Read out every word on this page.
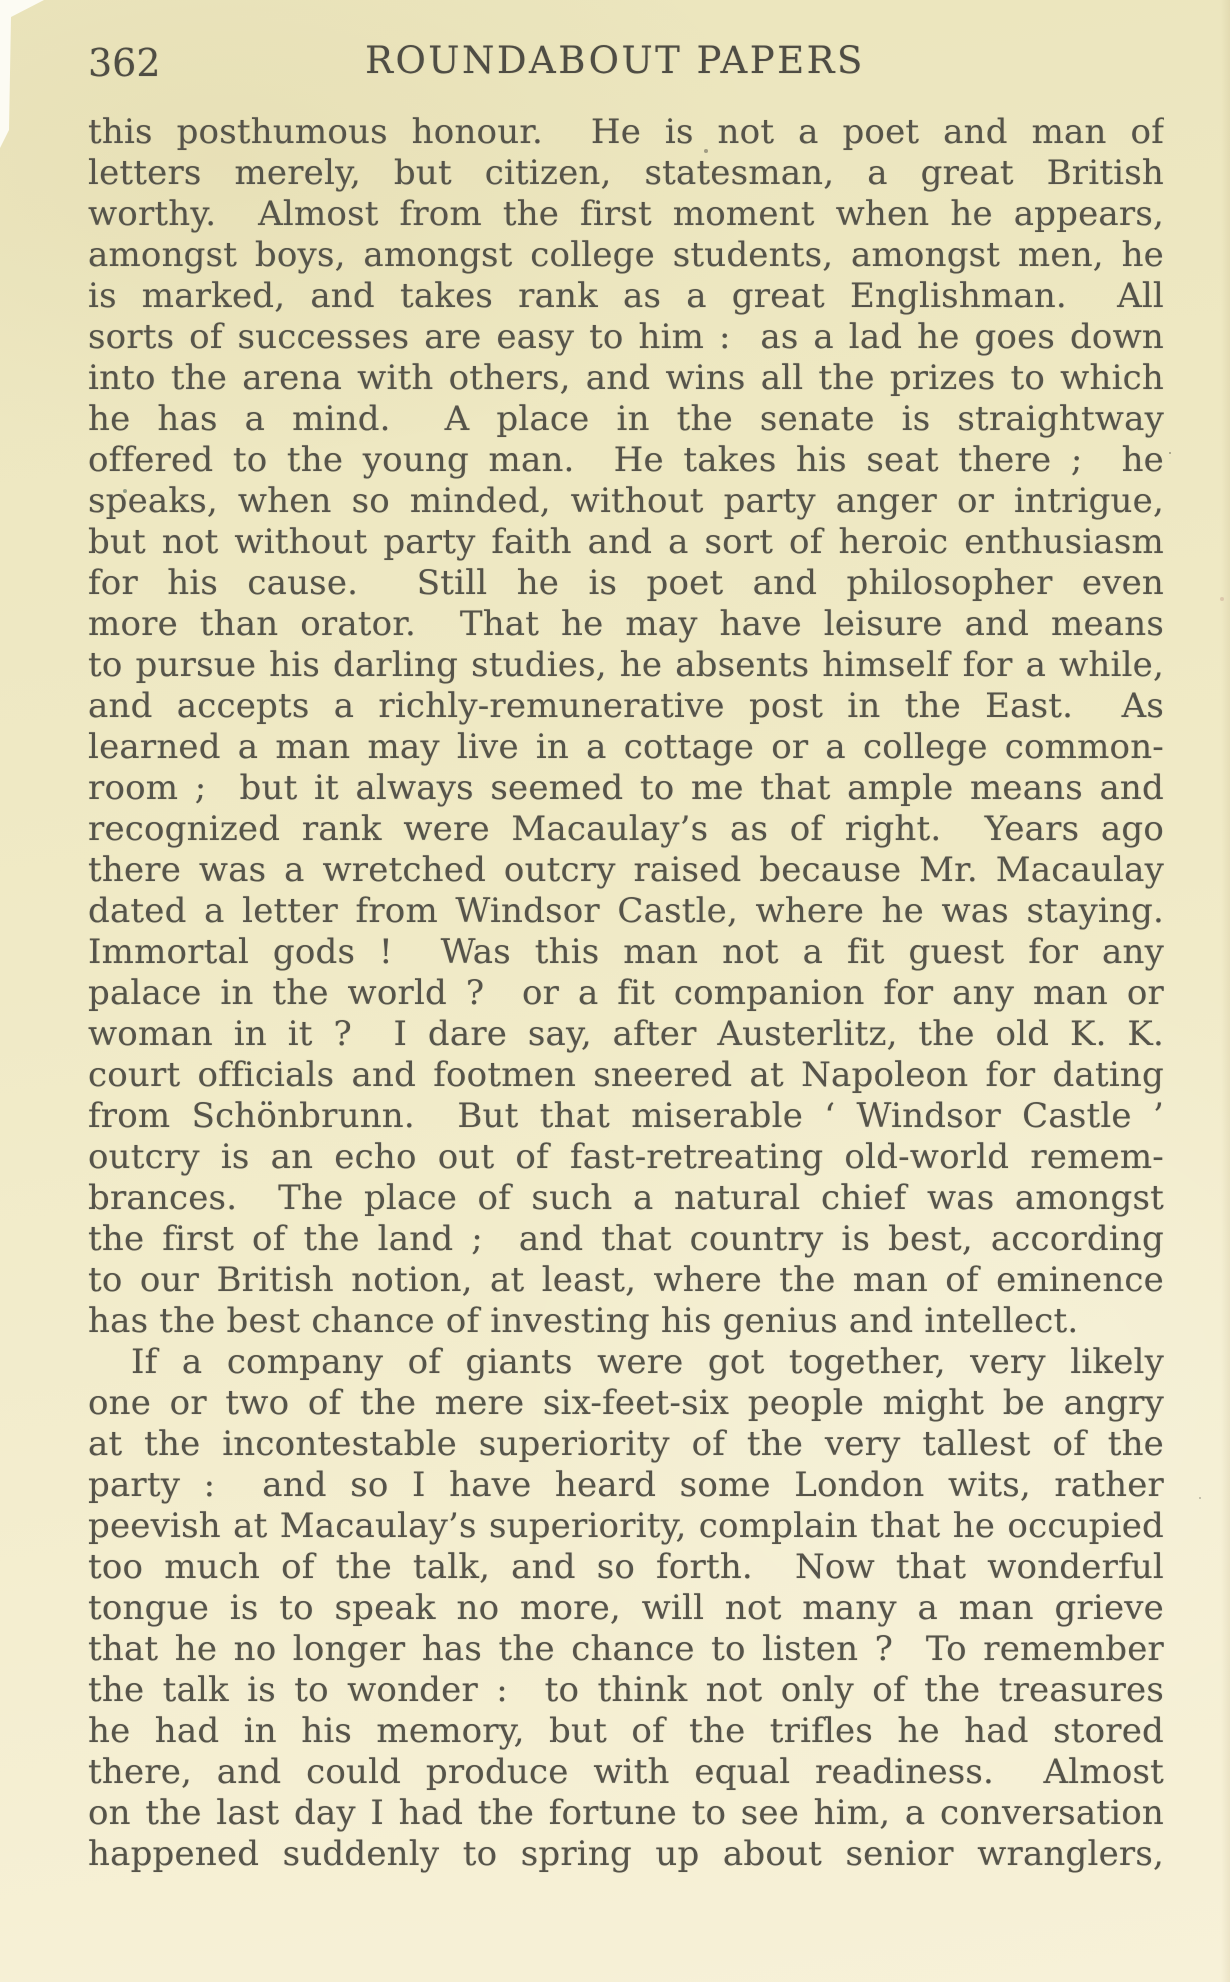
362	ROUNDABOUT PAPERS
this posthumous honour.  He is not a poet and man of
letters merely, but citizen, statesman, a great British
worthy.  Almost from the first moment when he appears,
amongst boys, amongst college students, amongst men, he
is marked, and takes rank as a great Englishman.  All
sorts of successes are easy to him :  as a lad he goes down
into the arena with others, and wins all the prizes to which
he has a mind.  A place in the senate is straightway
offered to the young man.  He takes his seat there ;  he
speaks, when so minded, without party anger or intrigue,
but not without party faith and a sort of heroic enthusiasm
for his cause.  Still he is poet and philosopher even
more than orator.  That he may have leisure and means
to pursue his darling studies, he absents himself for a while,
and accepts a richly-remunerative post in the East.  As
learned a man may live in a cottage or a college common-
room ;  but it always seemed to me that ample means and
recognized rank were Macaulay’s as of right.  Years ago
there was a wretched outcry raised because Mr. Macaulay
dated a letter from Windsor Castle, where he was staying.
Immortal gods !  Was this man not a fit guest for any
palace in the world ?  or a fit companion for any man or
woman in it ?  I dare say, after Austerlitz, the old K. K.
court officials and footmen sneered at Napoleon for dating
from Schönbrunn.  But that miserable ‘ Windsor Castle ’
outcry is an echo out of fast-retreating old-world remem-
brances.  The place of such a natural chief was amongst
the first of the land ;  and that country is best, according
to our British notion, at least, where the man of eminence
has the best chance of investing his genius and intellect.
If a company of giants were got together, very likely
one or two of the mere six-feet-six people might be angry
at the incontestable superiority of the very tallest of the
party :  and so I have heard some London wits, rather
peevish at Macaulay’s superiority, complain that he occupied
too much of the talk, and so forth.  Now that wonderful
tongue is to speak no more, will not many a man grieve
that he no longer has the chance to listen ?  To remember
the talk is to wonder :  to think not only of the treasures
he had in his memory, but of the trifles he had stored
there, and could produce with equal readiness.  Almost
on the last day I had the fortune to see him, a conversation
happened suddenly to spring up about senior wranglers,
